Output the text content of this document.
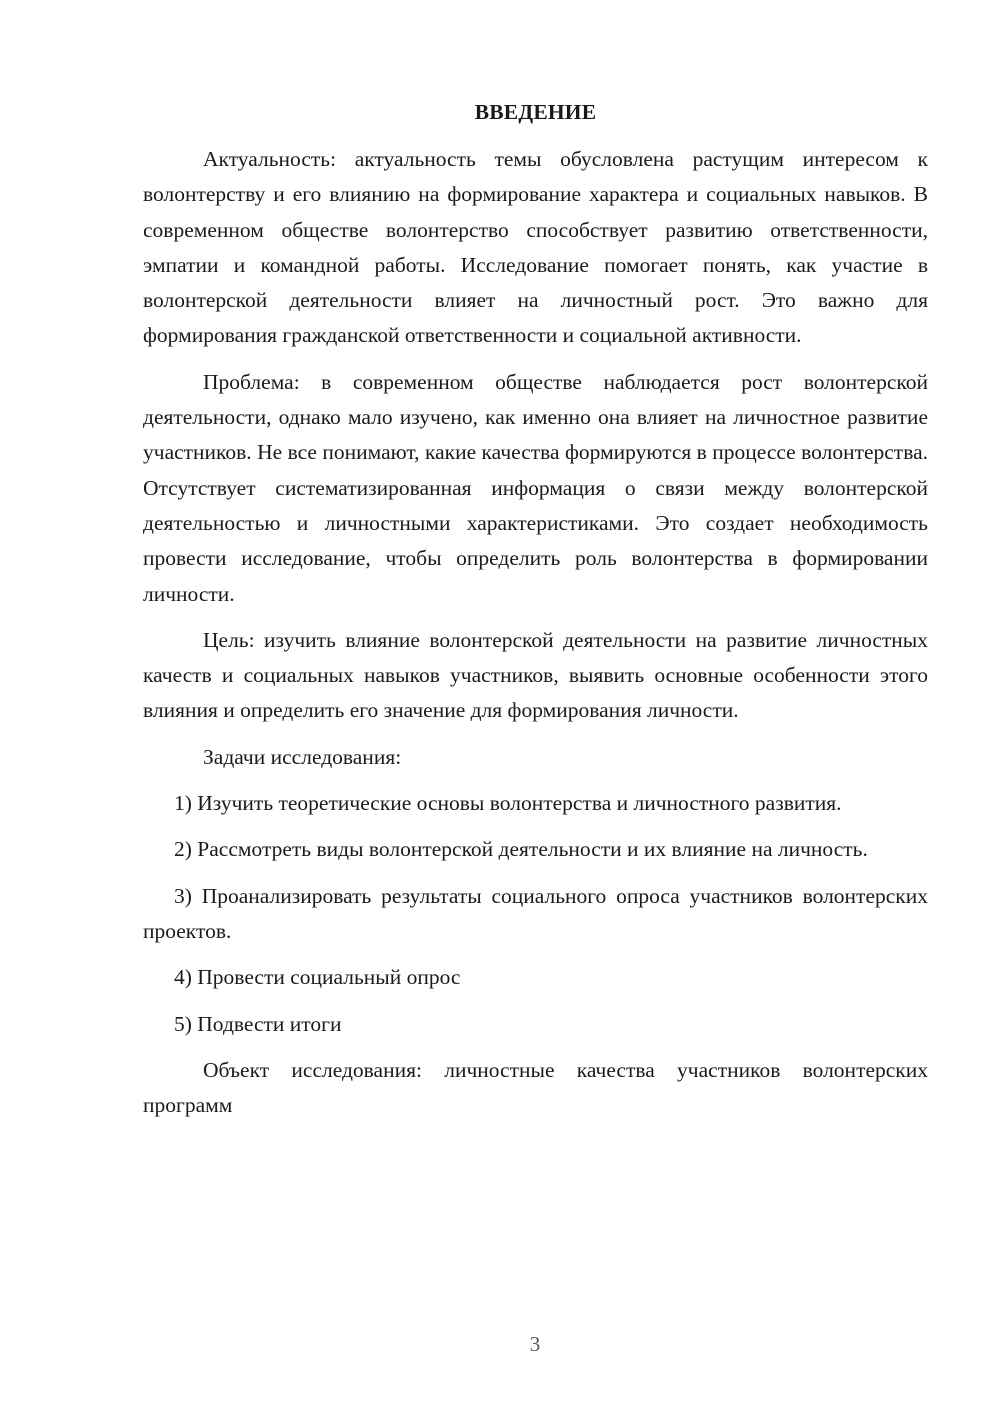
ВВЕДЕНИЕ

Актуальность: актуальность темы обусловлена растущим интересом к волонтерству и его влиянию на формирование характера и социальных навыков. В современном обществе волонтерство способствует развитию ответственности, эмпатии и командной работы. Исследование помогает понять, как участие в волонтерской деятельности влияет на личностный рост. Это важно для формирования гражданской ответственности и социальной активности.

Проблема: в современном обществе наблюдается рост волонтерской деятельности, однако мало изучено, как именно она влияет на личностное развитие участников. Не все понимают, какие качества формируются в процессе волонтерства. Отсутствует систематизированная информация о связи между волонтерской деятельностью и личностными характеристиками. Это создает необходимость провести исследование, чтобы определить роль волонтерства в формировании личности.

Цель: изучить влияние волонтерской деятельности на развитие личностных качеств и социальных навыков участников, выявить основные особенности этого влияния и определить его значение для формирования личности.

Задачи исследования:

1) Изучить теоретические основы волонтерства и личностного развития.

2) Рассмотреть виды волонтерской деятельности и их влияние на личность.

3) Проанализировать результаты социального опроса участников волонтерских проектов.

4) Провести социальный опрос

5) Подвести итоги

Объект исследования: личностные качества участников волонтерских программ

3
